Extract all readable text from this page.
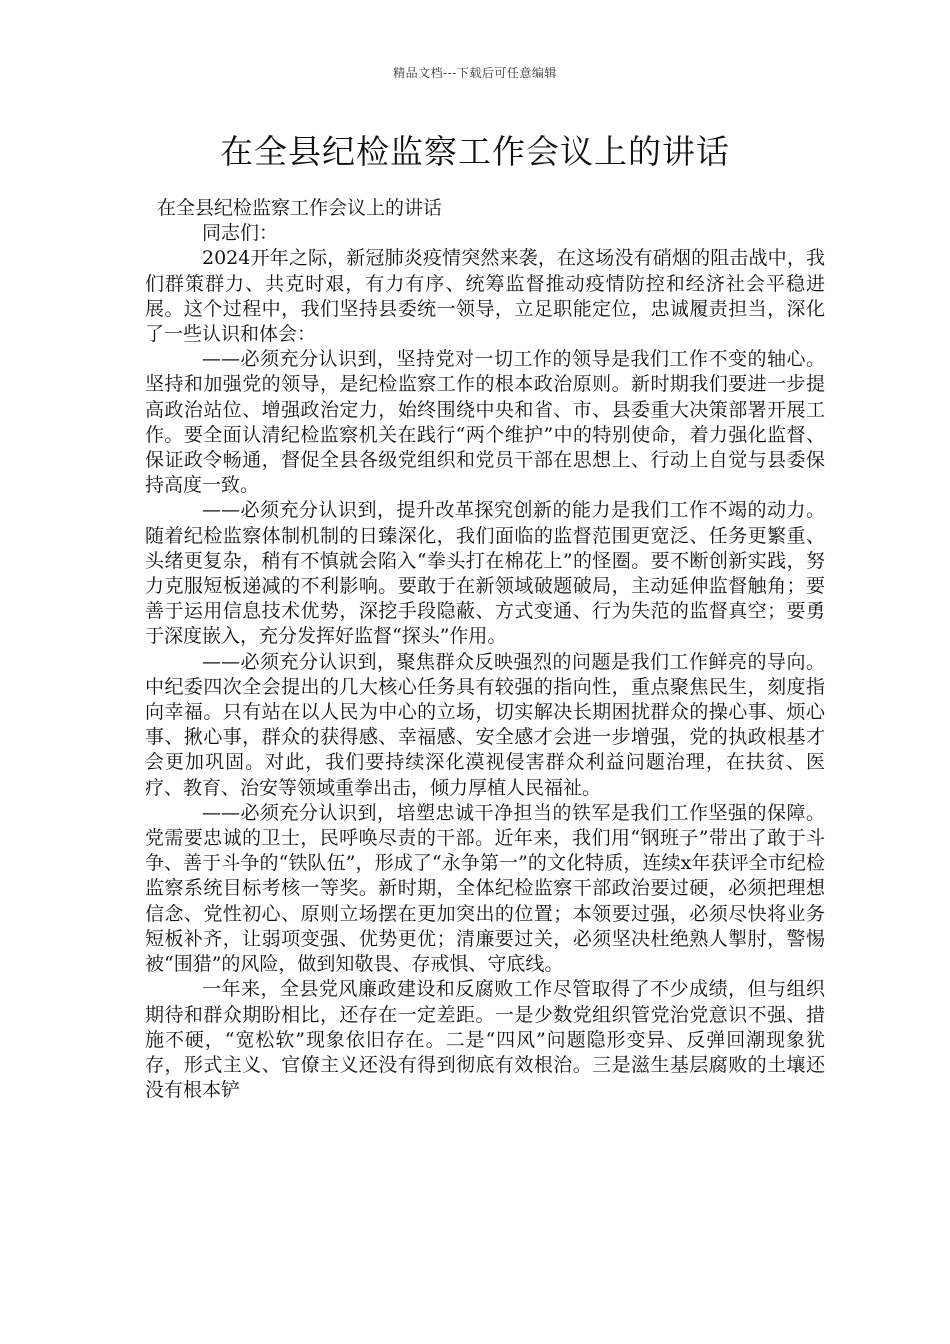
精品文档---下载后可任意编辑
在全县纪检监察工作会议上的讲话

在全县纪检监察工作会议上的讲话

同志们：

2024开年之际，新冠肺炎疫情突然来袭，在这场没有硝烟的阻击战中，我们群策群力、共克时艰，有力有序、统筹监督推动疫情防控和经济社会平稳进展。这个过程中，我们坚持县委统一领导，立足职能定位，忠诚履责担当，深化了一些认识和体会：

——必须充分认识到，坚持党对一切工作的领导是我们工作不变的轴心。坚持和加强党的领导，是纪检监察工作的根本政治原则。新时期我们要进一步提高政治站位、增强政治定力，始终围绕中央和省、市、县委重大决策部署开展工作。要全面认清纪检监察机关在践行“两个维护”中的特别使命，着力强化监督、保证政令畅通，督促全县各级党组织和党员干部在思想上、行动上自觉与县委保持高度一致。

——必须充分认识到，提升改革探究创新的能力是我们工作不竭的动力。随着纪检监察体制机制的日臻深化，我们面临的监督范围更宽泛、任务更繁重、头绪更复杂，稍有不慎就会陷入“拳头打在棉花上”的怪圈。要不断创新实践，努力克服短板递减的不利影响。要敢于在新领域破题破局，主动延伸监督触角；要善于运用信息技术优势，深挖手段隐蔽、方式变通、行为失范的监督真空；要勇于深度嵌入，充分发挥好监督“探头”作用。

——必须充分认识到，聚焦群众反映强烈的问题是我们工作鲜亮的导向。中纪委四次全会提出的几大核心任务具有较强的指向性，重点聚焦民生，刻度指向幸福。只有站在以人民为中心的立场，切实解决长期困扰群众的操心事、烦心事、揪心事，群众的获得感、幸福感、安全感才会进一步增强，党的执政根基才会更加巩固。对此，我们要持续深化漠视侵害群众利益问题治理，在扶贫、医疗、教育、治安等领域重拳出击，倾力厚植人民福祉。

——必须充分认识到，培塑忠诚干净担当的铁军是我们工作坚强的保障。党需要忠诚的卫士，民呼唤尽责的干部。近年来，我们用“钢班子”带出了敢于斗争、善于斗争的“铁队伍”，形成了“永争第一”的文化特质，连续x年获评全市纪检监察系统目标考核一等奖。新时期，全体纪检监察干部政治要过硬，必须把理想信念、党性初心、原则立场摆在更加突出的位置；本领要过强，必须尽快将业务短板补齐，让弱项变强、优势更优；清廉要过关，必须坚决杜绝熟人掣肘，警惕被“围猎”的风险，做到知敬畏、存戒惧、守底线。

一年来，全县党风廉政建设和反腐败工作尽管取得了不少成绩，但与组织期待和群众期盼相比，还存在一定差距。一是少数党组织管党治党意识不强、措施不硬，“宽松软”现象依旧存在。二是“四风”问题隐形变异、反弹回潮现象犹存，形式主义、官僚主义还没有得到彻底有效根治。三是滋生基层腐败的土壤还没有根本铲
